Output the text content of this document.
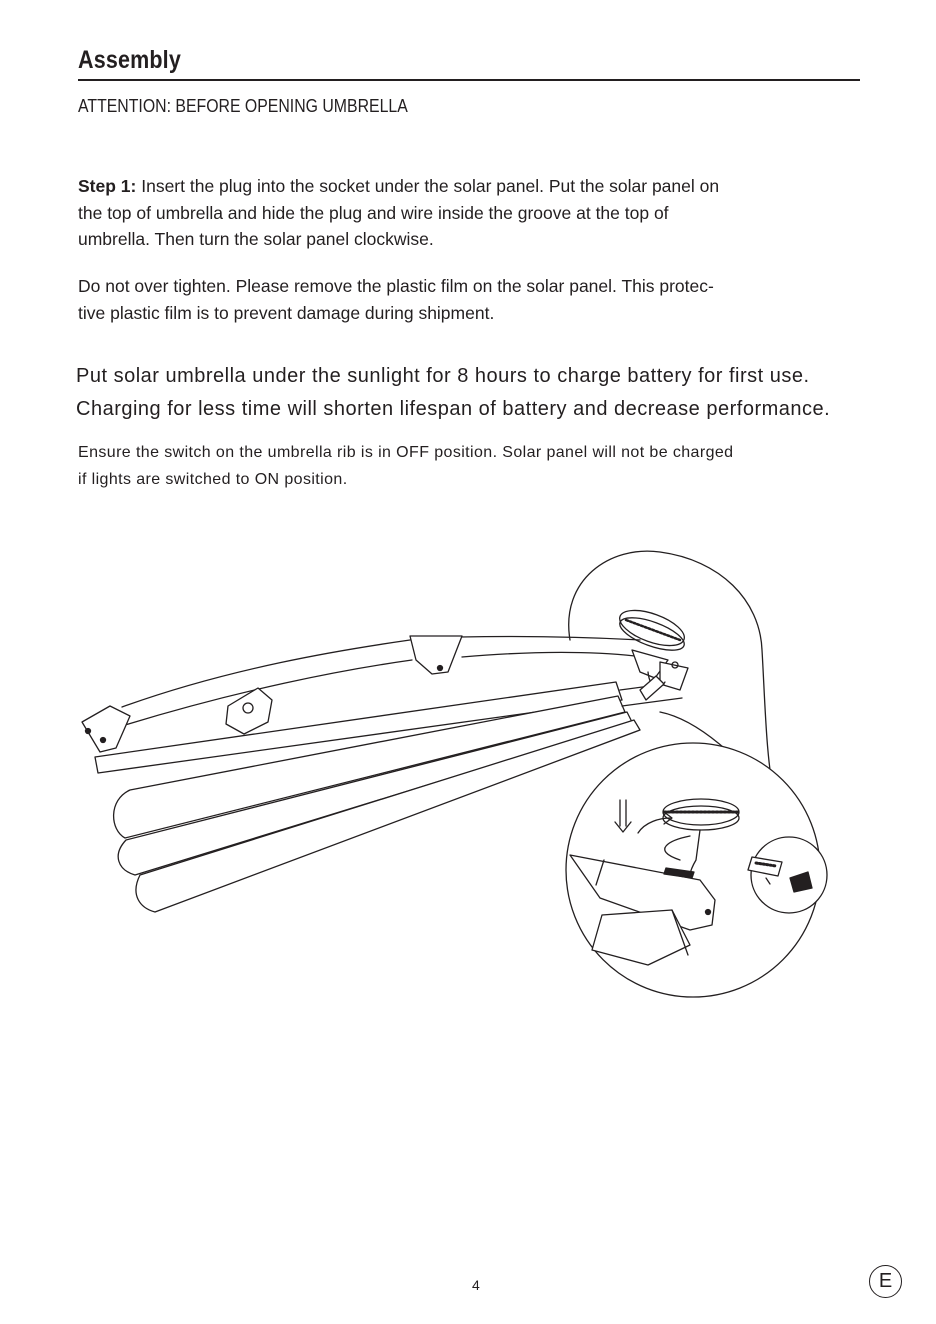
Assembly
ATTENTION: BEFORE OPENING UMBRELLA
Step 1: Insert the plug into the socket under the solar panel. Put the solar panel on
the top of umbrella and hide the plug and wire inside the groove at the top of
umbrella. Then turn the solar panel clockwise.
Do not over tighten. Please remove the plastic film on the solar panel. This protec-
tive plastic film is to prevent damage during shipment.
Put solar umbrella under the sunlight for 8 hours to charge battery for first use.
Charging for less time will shorten lifespan of battery and decrease performance.
Ensure the switch on the umbrella rib is in OFF position. Solar panel will not be charged
if lights are switched to ON position.
4	E
